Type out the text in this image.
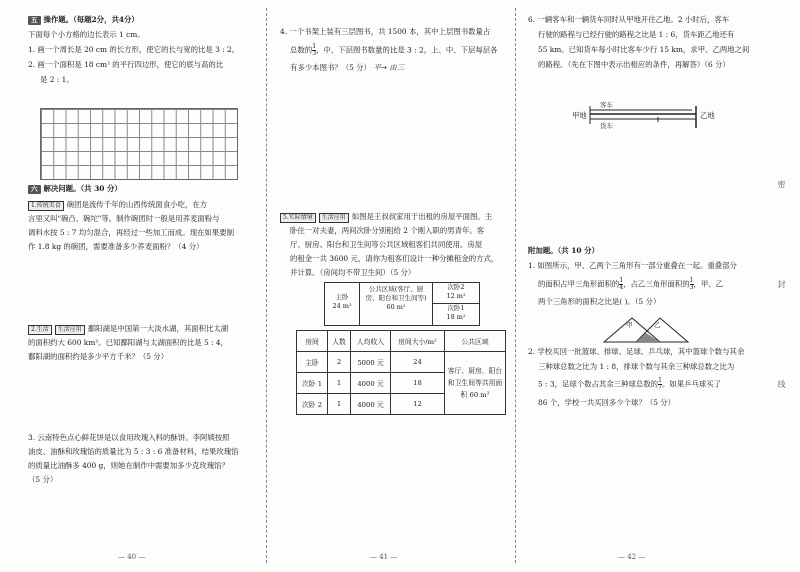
五 操作题。（每题2分，共4分）
下面每个小方格的边长表示 1 cm。
1. 画一个周长是 20 cm 的长方形，使它的长与宽的比是 3 : 2。
2. 画一个面积是 18 cm² 的平行四边形，使它的底与高的比
是 2 : 1。
六 解决问题。（共 30 分）
1.传统美食 碗团是流传千年的山西传统面食小吃，在方
言里又叫"碗凸、碗坨"等。制作碗团时一般是用荞麦面粉与
调料水按 5 : 7 均匀混合，再经过一些加工而成。现在如果要制
作 1.8 kg 的碗团，需要准备多少荞麦面粉？（4 分）
2.生活 生活应用 鄱阳湖是中国第一大淡水湖，其面积比太湖
的面积约大 600 km²。已知鄱阳湖与太湖面积的比是 5 : 4，
鄱阳湖的面积约是多少平方千米？（5 分）
3. 云南特色点心鲜花饼是以食用玫瑰入料的酥饼。李阿姨按照
油皮、油酥和玫瑰馅的质量比为 5 : 3 : 6 准备材料，结果玫瑰馅
的质量比油酥多 400 g，则她在制作中需要加多少克玫瑰馅？
（5 分）
— 40 —
4. 一个书架上装有三层图书，共 1500 本，其中上层图书数量占
总数的 $\frac{1}{3}$ ，中、下层图书数量的比是 3 : 2。上、中、下层每层各
有多少本图书？（5 分） 平→ 由三
5.实际情境 生活应用 如图是王叔叔家用于出租的房屋平面图。主
卧住一对夫妻，两间次卧分别租给 2 个刚入职的男青年。客
厅、厨房、阳台和卫生间等公共区域租客们共同使用。房屋
的租金一共 3600 元，请你为租客们设计一种分摊租金的方式，
并计算。（房间均不带卫生间）（5 分）
主卧
24 m²
公共区域(客厅、厨房、阳台和卫生间等)
60 m²
次卧2
12 m²
次卧1
18 m²
房间	人数	人均收入	房间大小/m²	公共区域
主卧	2	5000 元	24	客厅、厨房、阳台和卫生间等共用面积 60 m²
次卧 1	1	4000 元	18	
次卧 2	1	4000 元	12	
— 41 —
6. 一辆客车和一辆货车同时从甲地开往乙地。2 小时后，客车
行驶的路程与已经行驶的路程之比是 1 : 6，货车距乙地还有
55 km。已知货车每小时比客车少行 15 km，求甲、乙两地之间
的路程。（先在下图中表示出相应的条件，再解答）（6 分）
甲地	乙地
客车
货车
附加题。（共 10 分）
1. 如图所示，甲、乙两个三角形有一部分重叠在一起。重叠部分
的面积占甲三角形面积的 $\frac{1}{4}$ ，占乙三角形面积的 $\frac{1}{3}$ ，甲、乙
两个三角形的面积之比是( )。（5 分）
甲	乙
2. 学校买回一批篮球、排球、足球、乒乓球，其中篮球个数与其余
三种球总数之比为 1 : 8，排球个数与其余三种球总数之比为
5 : 3，足球个数占其余三种球总数的 $\frac{1}{7}$ 。如果乒乓球买了
86 个，学校一共买回多少个球？（5 分）
— 42 —
密
封
线
